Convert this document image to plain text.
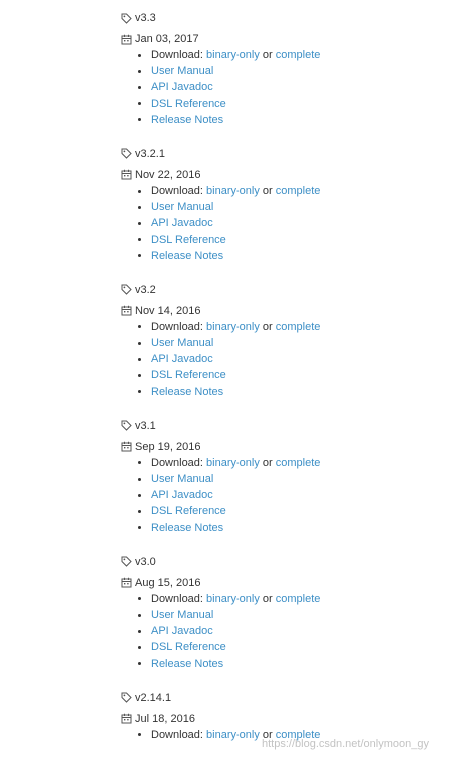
v3.3
Jan 03, 2017
Download: binary-only or complete
User Manual
API Javadoc
DSL Reference
Release Notes
v3.2.1
Nov 22, 2016
Download: binary-only or complete
User Manual
API Javadoc
DSL Reference
Release Notes
v3.2
Nov 14, 2016
Download: binary-only or complete
User Manual
API Javadoc
DSL Reference
Release Notes
v3.1
Sep 19, 2016
Download: binary-only or complete
User Manual
API Javadoc
DSL Reference
Release Notes
v3.0
Aug 15, 2016
Download: binary-only or complete
User Manual
API Javadoc
DSL Reference
Release Notes
v2.14.1
Jul 18, 2016
Download: binary-only or complete
https://blog.csdn.net/onlymoon_gy
